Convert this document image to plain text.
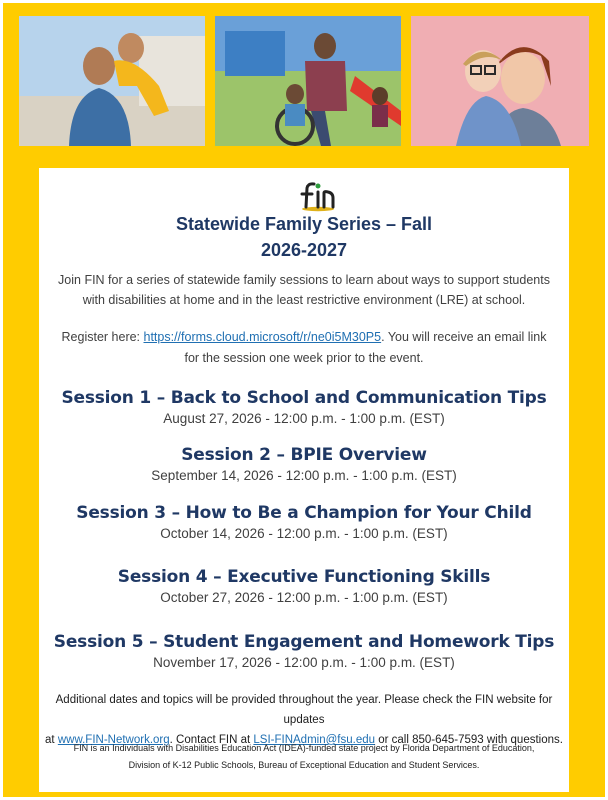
Statewide Family Series – Fall
2026-2027
Join FIN for a series of statewide family sessions to learn about ways to support students
with disabilities at home and in the least restrictive environment (LRE) at school.
Register here: https://forms.cloud.microsoft/r/ne0i5M30P5. You will receive an email link
for the session one week prior to the event.
Session 1 – Back to School and Communication Tips
August 27, 2026 - 12:00 p.m. - 1:00 p.m. (EST)
Session 2 – BPIE Overview
September 14, 2026 - 12:00 p.m. - 1:00 p.m. (EST)
Session 3 – How to Be a Champion for Your Child
October 14, 2026 - 12:00 p.m. - 1:00 p.m. (EST)
Session 4 – Executive Functioning Skills
October 27, 2026 - 12:00 p.m. - 1:00 p.m. (EST)
Session 5 – Student Engagement and Homework Tips
November 17, 2026 - 12:00 p.m. - 1:00 p.m. (EST)
Additional dates and topics will be provided throughout the year. Please check the FIN website for updates
at www.FIN-Network.org. Contact FIN at LSI-FINAdmin@fsu.edu or call 850-645-7593 with questions.
FIN is an Individuals with Disabilities Education Act (IDEA)-funded state project by Florida Department of Education,
Division of K-12 Public Schools, Bureau of Exceptional Education and Student Services.
